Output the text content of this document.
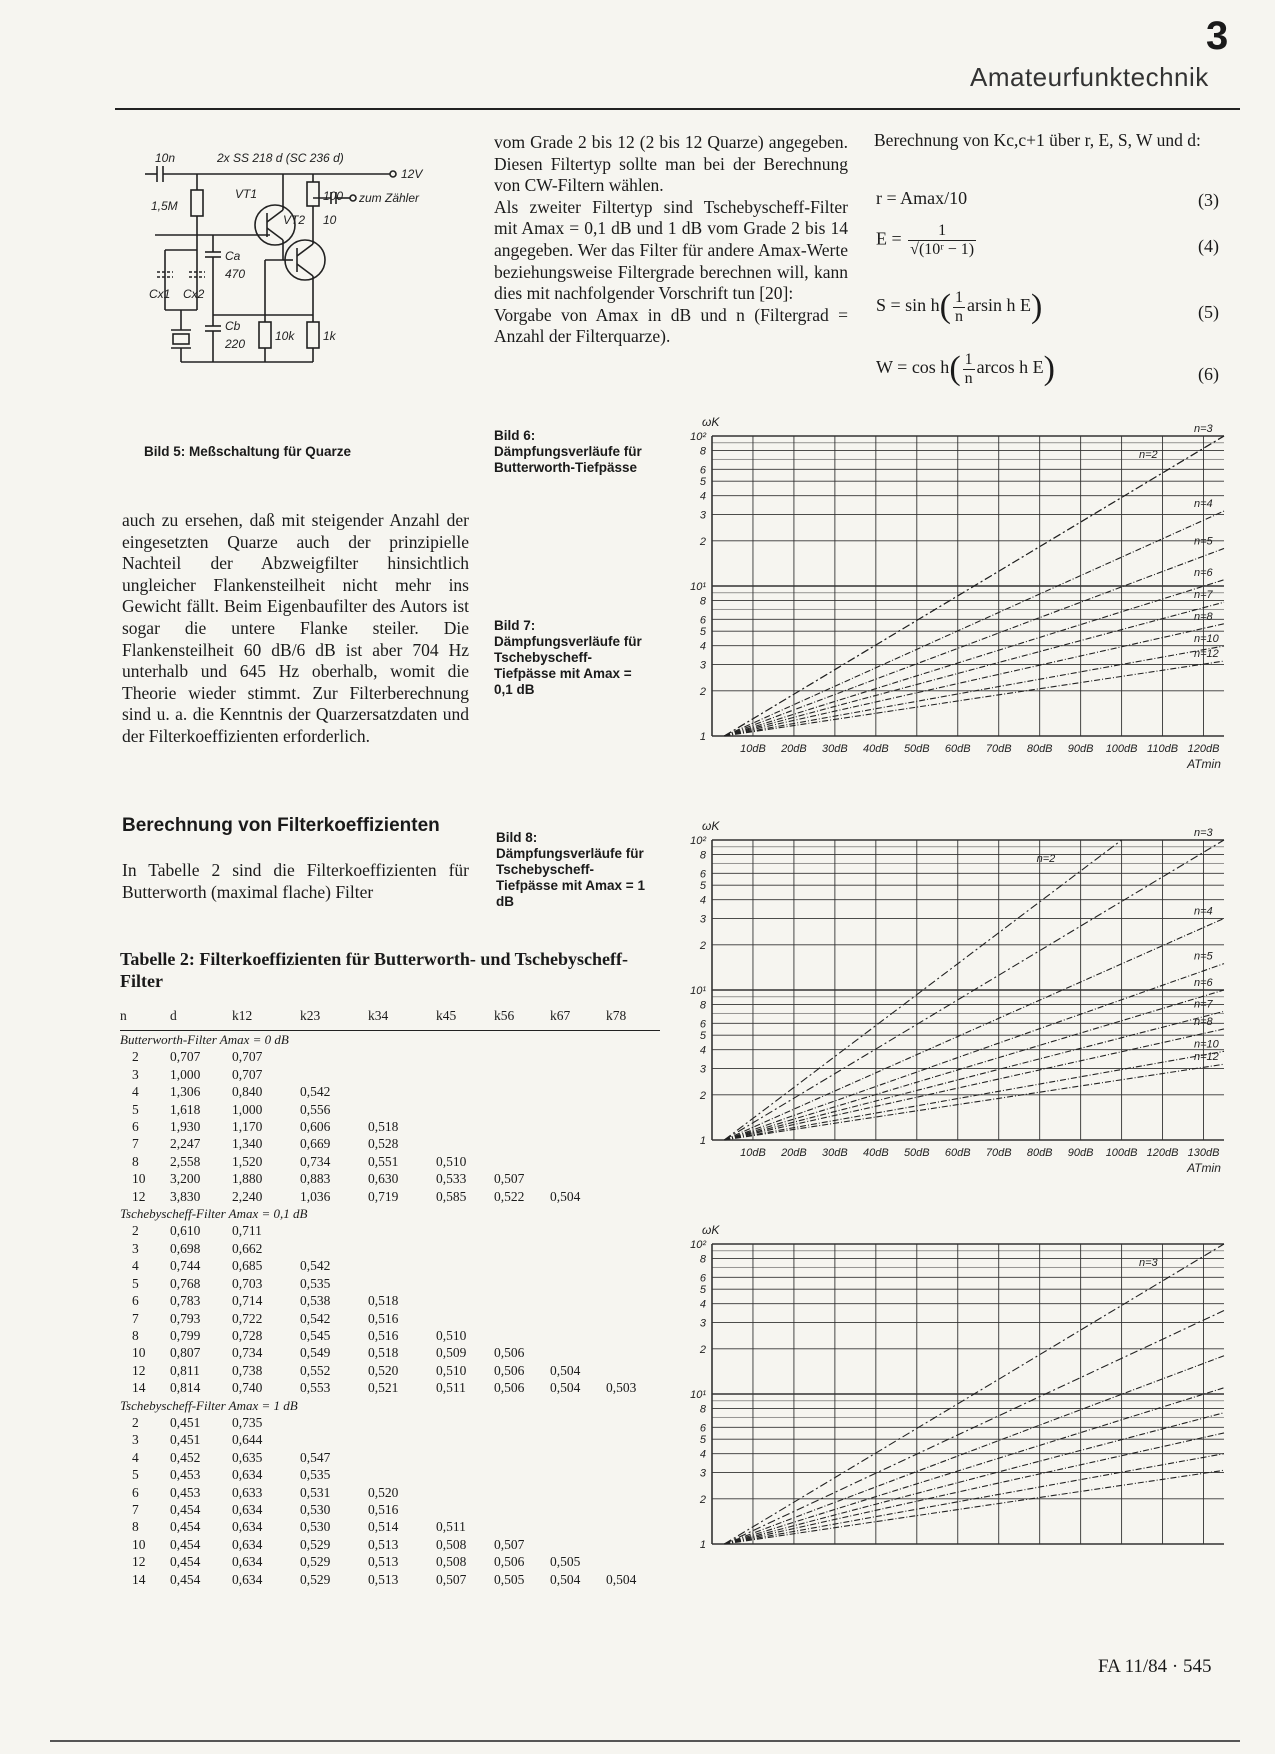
3
Amateurfunktechnik
10n	2x SS 218 d (SC 236 d)
12V
1,5M
VT1
VT2
100 zum Zähler
10
Cx1 Cx2
Ca
470
Cb
220
10k 1k
Bild 5: Meßschaltung für Quarze

vom Grade 2 bis 12 (2 bis 12 Quarze) angegeben. Diesen Filtertyp sollte man bei der Berechnung von CW-Filtern wählen.

Als zweiter Filtertyp sind Tschebyscheff-Filter mit Amax = 0,1 dB und 1 dB vom Grade 2 bis 14 angegeben. Wer das Filter für andere Amax-Werte beziehungsweise Filtergrade berechnen will, kann dies mit nachfolgender Vorschrift tun [20]:

Vorgabe von Amax in dB und n (Filtergrad = Anzahl der Filterquarze).

Berechnung von Kc,c+1 über r, E, S, W und d:
r = Amax/10	(3)
$E = \frac{1}{\text{√(10ʳ − 1)}}$	(4)
$S = \sin h( \frac{1}{n}$ arsin h E)	(5)
$W = \cos h( \frac{1}{n}$ arcos h E)	(6)
Bild 6: Dämpfungsverläufe für Butterworth-Tiefpässe
Bild 7: Dämpfungsverläufe für Tschebyscheff-Tiefpässe mit Amax = 0,1 dB
Bild 8: Dämpfungsverläufe für Tschebyscheff-Tiefpässe mit Amax = 1 dB

auch zu ersehen, daß mit steigender Anzahl der eingesetzten Quarze auch der prinzipielle Nachteil der Abzweigfilter hinsichtlich ungleicher Flankensteilheit nicht mehr ins Gewicht fällt. Beim Eigenbaufilter des Autors ist sogar die untere Flanke steiler. Die Flankensteilheit 60 dB/6 dB ist aber 704 Hz unterhalb und 645 Hz oberhalb, womit die Theorie wieder stimmt. Zur Filterberechnung sind u. a. die Kenntnis der Quarzersatzdaten und der Filterkoeffizienten erforderlich.

Berechnung von Filterkoeffizienten

In Tabelle 2 sind die Filterkoeffizienten für Butterworth (maximal flache) Filter

Tabelle 2: Filterkoeffizienten für Butterworth- und Tschebyscheff-Filter
n	d	k12	k23	k34	k45	k56	k67	k78
Butterworth-Filter Amax = 0 dB								
2	0,707	0,707						
3	1,000	0,707						
4	1,306	0,840	0,542					
5	1,618	1,000	0,556					
6	1,930	1,170	0,606	0,518				
7	2,247	1,340	0,669	0,528				
8	2,558	1,520	0,734	0,551	0,510			
10	3,200	1,880	0,883	0,630	0,533	0,507		
12	3,830	2,240	1,036	0,719	0,585	0,522	0,504	
Tschebyscheff-Filter Amax = 0,1 dB								
2	0,610	0,711						
3	0,698	0,662						
4	0,744	0,685	0,542					
5	0,768	0,703	0,535					
6	0,783	0,714	0,538	0,518				
7	0,793	0,722	0,542	0,516				
8	0,799	0,728	0,545	0,516	0,510			
10	0,807	0,734	0,549	0,518	0,509	0,506		
12	0,811	0,738	0,552	0,520	0,510	0,506	0,504	
14	0,814	0,740	0,553	0,521	0,511	0,506	0,504	0,503
Tschebyscheff-Filter Amax = 1 dB								
2	0,451	0,735						
3	0,451	0,644						
4	0,452	0,635	0,547					
5	0,453	0,634	0,535					
6	0,453	0,633	0,531	0,520				
7	0,454	0,634	0,530	0,516				
8	0,454	0,634	0,530	0,514	0,511			
10	0,454	0,634	0,529	0,513	0,508	0,507		
12	0,454	0,634	0,529	0,513	0,508	0,506	0,505	
14	0,454	0,634	0,529	0,513	0,507	0,505	0,504	0,504
1
2
3
4
5
6
8
10¹
2
3
4
5
6
8
10²
ωK
10dB 20dB 30dB 40dB 50dB 60dB 70dB 80dB 90dB 100dB 110dB 120dB
ATmin
n=2
n=3
n=4
n=5
n=6
n=7
n=8
n=10
n=12
1
2
3
4
5
6
8
10¹
2
3
4
5
6
8
10²
ωK
10dB 20dB 30dB 40dB 50dB 60dB 70dB 80dB 90dB 100dB 120dB 130dB
ATmin
n=2
n=3
n=4
n=5
n=6
n=7
n=8
n=10
n=12
1
2
3
4
5
6
8
10¹
2
3
4
5
6
8
10²
ωK
n=3
FA 11/84 · 545
